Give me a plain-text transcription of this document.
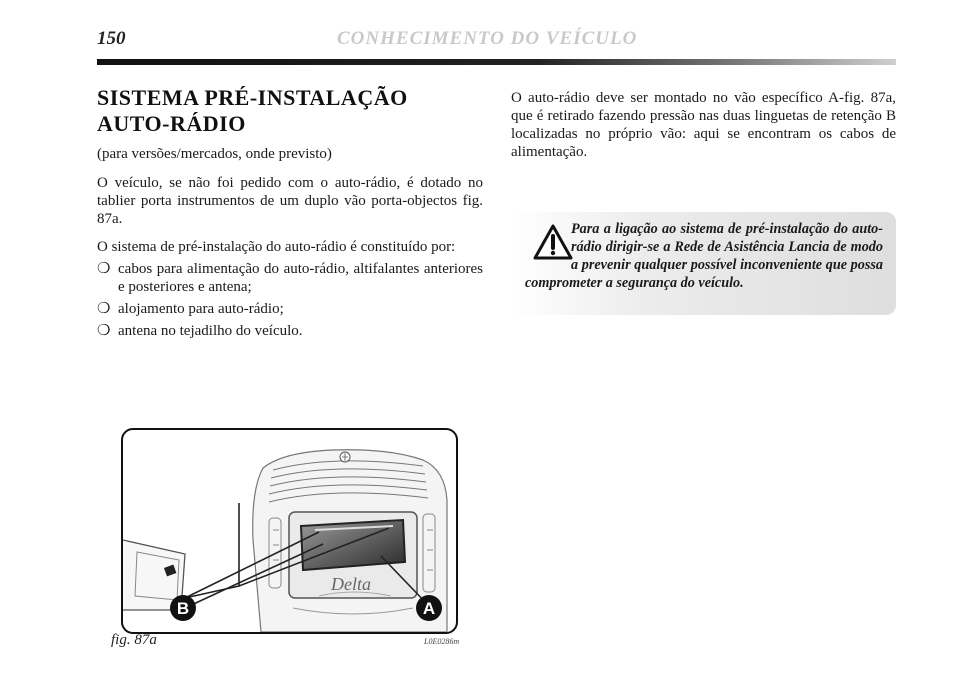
150	CONHECIMENTO DO VEÍCULO
SISTEMA PRÉ-INSTALAÇÃO
AUTO-RÁDIO

(para versões/mercados, onde previsto)

O veículo, se não foi pedido com o auto-rádio, é dotado no tablier porta instrumentos de um duplo vão porta-objectos fig. 87a.

O sistema de pré-instalação do auto-rádio é constituído por:

❍ cabos para alimentação do auto-rádio, altifalantes anteriores e posteriores e antena;
❍ alojamento para auto-rádio;
❍ antena no tejadilho do veículo.

O auto-rádio deve ser montado no vão específico A-fig. 87a, que é retirado fazendo pressão nas duas linguetas de retenção B localizadas no próprio vão: aqui se encontram os cabos de alimentação.

Para a ligação ao sistema de pré-instalação do auto-rádio dirigir-se a Rede de Asistência Lancia de modo a prevenir qualquer possível inconveniente que possa comprometer a segurança do veículo.
Delta
B	A
fig. 87a	L0E0286m
